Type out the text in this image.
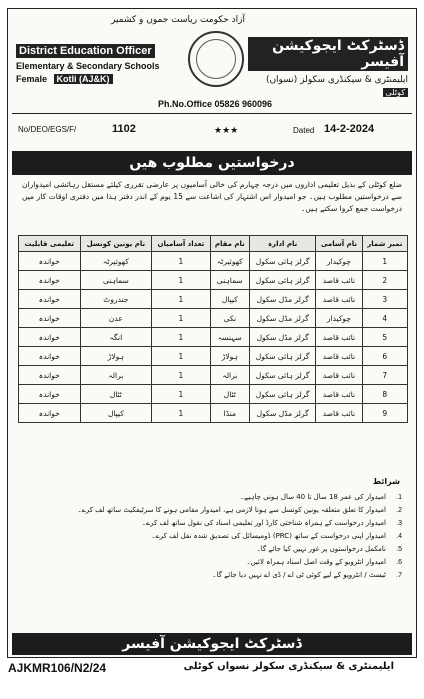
آزاد حکومت ریاست جموں و کشمیر
District Education Officer
Elementary & Secondary Schools
Female Kotli (AJ&K)
ڈسٹرکٹ ایجوکیشن آفیسر
ایلیمنٹری & سیکنڈری سکولز (نسواں)
کوٹلی
Ph.No.Office 05826 960096
No/DEO/EGS/F/	1102	★★★	Dated 14-2-2024
درخواستیں مطلوب ھیں
ضلع کوٹلی کے بذیل تعلیمی اداروں میں درجہ چہارم کی خالی آسامیوں پر عارضی تقرری کیلئے مستقل رہائشی امیدواران سے درخواستیں مطلوب ہیں۔ جو امیدوار اس اشتہار کی اشاعت سے 15 یوم کے اندر دفتر ہذا میں دفتری اوقات کار میں درخواست جمع کروا سکتے ہیں۔
نمبر شمار	نام آسامی	نام ادارہ	نام مقام	تعداد آسامیاں	نام یونین کونسل	تعلیمی قابلیت
1	چوکیدار	گرلز ہائی سکول	کھوئیرٹہ	1	کھوئیرٹہ	خواندہ
2	نائب قاصد	گرلز ہائی سکول	سماہنی	1	سماہنی	خواندہ
3	نائب قاصد	گرلز مڈل سکول	کیپال	1	جندروٹ	خواندہ
4	چوکیدار	گرلز مڈل سکول	نکی	1	عدن	خواندہ
5	نائب قاصد	گرلز مڈل سکول	سہنسہ	1	انگہ	خواندہ
6	نائب قاصد	گرلز ہائی سکول	ہولاڑ	1	ہولاڑ	خواندہ
7	نائب قاصد	گرلز ہائی سکول	برالہ	1	برالہ	خواندہ
8	نائب قاصد	گرلز ہائی سکول	ٹٹال	1	ٹٹال	خواندہ
9	نائب قاصد	گرلز مڈل سکول	منڈا	1	کیپال	خواندہ
شرائط
1.امیدوار کی عمر 18 سال تا 40 سال ہونی چاہیے۔
2.امیدوار کا تعلق متعلقہ یونین کونسل سے ہونا لازمی ہے، امیدوار مقامی ہونے کا سرٹیفکیٹ ساتھ لف کرے۔
3.امیدوار درخواست کے ہمراہ شناختی کارڈ اور تعلیمی اسناد کی نقول ساتھ لف کرے۔
4.امیدوار اپنی درخواست کے ساتھ (PRC) ڈومیسائل کی تصدیق شدہ نقل لف کرے۔
5.نامکمل درخواستوں پر غور نہیں کیا جائے گا۔
6.امیدوار انٹرویو کے وقت اصل اسناد ہمراہ لائیں۔
7.ٹیسٹ / انٹرویو کے لیے کوئی ٹی اے / ڈی اے نہیں دیا جائے گا۔
ڈسٹرکٹ ایجوکیشن آفیسر
AJKMR106/N2/24	ایلیمنٹری & سیکنڈری سکولز نسواں کوٹلی
